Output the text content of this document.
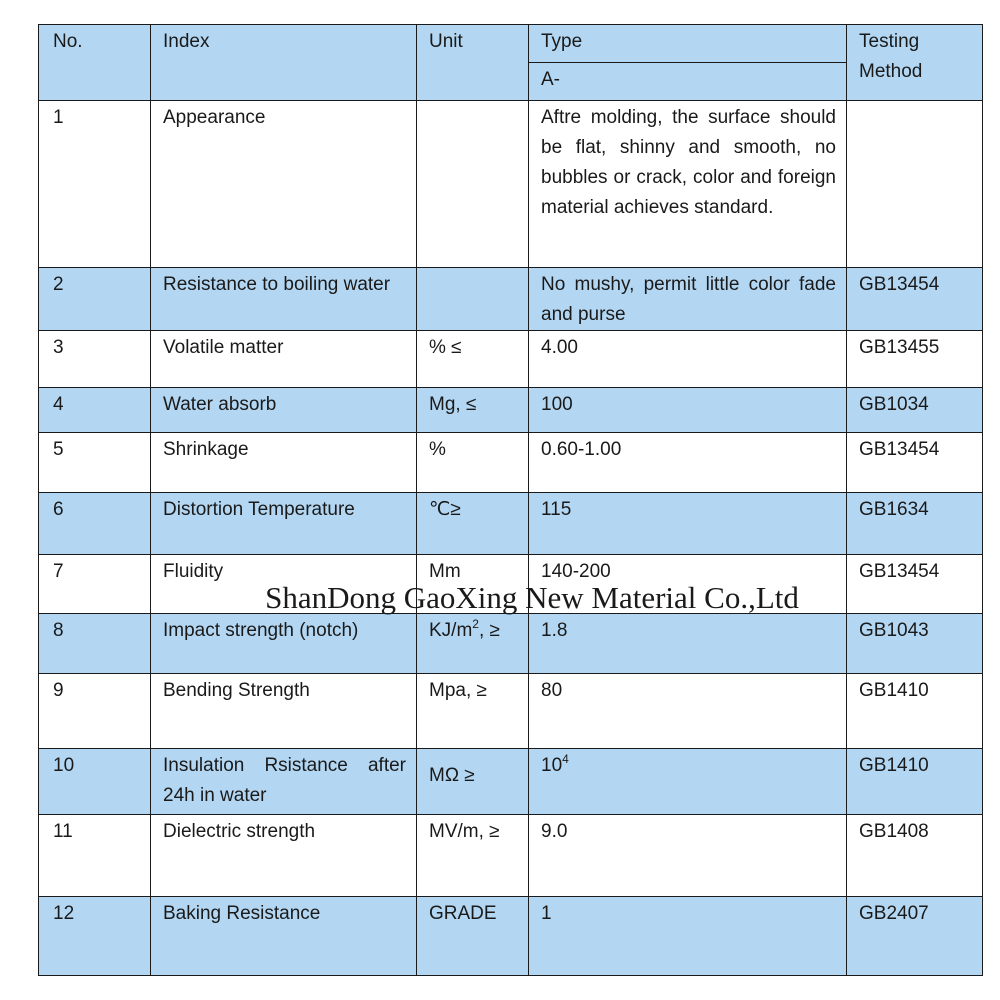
No.	Index	Unit	Type	Testing Method
			A-	
1	Appearance		Aftre molding, the surface should be flat, shinny and smooth, no bubbles or crack, color and foreign material achieves standard.	
2	Resistance to boiling water		No mushy, permit little color fade and purse	GB13454
3	Volatile matter	% ≤	4.00	GB13455
4	Water absorb	Mg, ≤	100	GB1034
5	Shrinkage	%	0.60-1.00	GB13454
6	Distortion Temperature	℃≥	115	GB1634
7	Fluidity	Mm	140-200	GB13454
8	Impact strength (notch)	$KJ/m^2$, ≥	1.8	GB1043
9	Bending Strength	Mpa, ≥	80	GB1410
10	Insulation Rsistance after 24h in water	MΩ ≥	$10^4$	GB1410
11	Dielectric strength	MV/m, ≥	9.0	GB1408
12	Baking Resistance	GRADE	1	GB2407
ShanDong GaoXing New Material Co.,Ltd
